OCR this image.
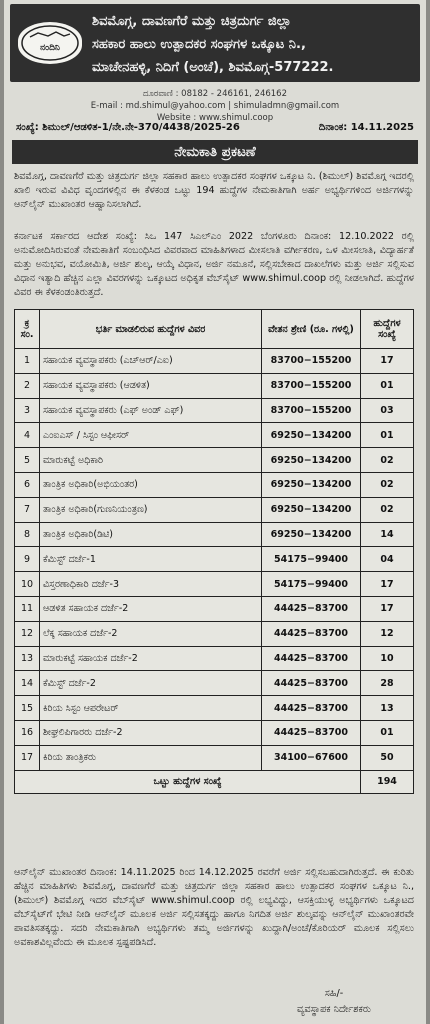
ನಂದಿನಿ
ಶಿವಮೊಗ್ಗ, ದಾವಣಗೆರೆ ಮತ್ತು ಚಿತ್ರದುರ್ಗ ಜಿಲ್ಲಾ
ಸಹಕಾರ ಹಾಲು ಉತ್ಪಾದಕರ ಸಂಘಗಳ ಒಕ್ಕೂಟ ನಿ.,
ಮಾಚೇನಹಳ್ಳಿ, ನಿದಿಗೆ (ಅಂಚೆ), ಶಿವಮೊಗ್ಗ-577222.
ದೂರವಾಣಿ : 08182 - 246161, 246162
E-mail : md.shimul@yahoo.com | shimuladmn@gmail.com
Website : www.shimul.coop
ಸಂಖ್ಯೆ: ಶಿಮುಲ್/ಆಡಳಿತ-1/ನೇ.ನೇ-370/4438/2025-26	ದಿನಾಂಕ: 14.11.2025
ನೇಮಕಾತಿ ಪ್ರಕಟಣೆ
ಶಿವಮೊಗ್ಗ, ದಾವಣಗೆರೆ ಮತ್ತು ಚಿತ್ರದುರ್ಗ ಜಿಲ್ಲಾ ಸಹಕಾರ ಹಾಲು ಉತ್ಪಾದಕರ ಸಂಘಗಳ ಒಕ್ಕೂಟ ನಿ. (ಶಿಮುಲ್) ಶಿವಮೊಗ್ಗ ಇದರಲ್ಲಿ ಖಾಲಿ ಇರುವ ವಿವಿಧ ವೃಂದಗಳಲ್ಲಿನ ಈ ಕೆಳಕಂಡ ಒಟ್ಟು 194 ಹುದ್ದೆಗಳ ನೇಮಕಾತಿಗಾಗಿ ಅರ್ಹ ಅಭ್ಯರ್ಥಿಗಳಿಂದ ಅರ್ಜಿಗಳನ್ನು ಆನ್‌ಲೈನ್ ಮುಖಾಂತರ ಆಹ್ವಾನಿಸಲಾಗಿದೆ.
ಕರ್ನಾಟಕ ಸರ್ಕಾರದ ಆದೇಶ ಸಂಖ್ಯೆ: ಸಿಒ 147 ಸಿಎಲ್‌ಎಂ 2022 ಬೆಂಗಳೂರು ದಿನಾಂಕ: 12.10.2022 ರಲ್ಲಿ ಅನುಮೋದಿಸಿರುವಂತೆ ನೇಮಕಾತಿಗೆ ಸಂಬಂಧಿಸಿದ ವಿವರವಾದ ಮಾಹಿತಿಗಳಾದ ಮೀಸಲಾತಿ ವರ್ಗೀಕರಣ, ಒಳ ಮೀಸಲಾತಿ, ವಿದ್ಯಾರ್ಹತೆ ಮತ್ತು ಅನುಭವ, ವಯೋಮಿತಿ, ಅರ್ಜಿ ಶುಲ್ಕ, ಆಯ್ಕೆ ವಿಧಾನ, ಅರ್ಜಿ ನಮೂನೆ, ಸಲ್ಲಿಸಬೇಕಾದ ದಾಖಲೆಗಳು ಮತ್ತು ಅರ್ಜಿ ಸಲ್ಲಿಸುವ ವಿಧಾನ ಇತ್ಯಾದಿ ಹೆಚ್ಚಿನ ಎಲ್ಲಾ ವಿವರಗಳನ್ನು ಒಕ್ಕೂಟದ ಅಧಿಕೃತ ವೆಬ್‌ಸೈಟ್ www.shimul.coop ರಲ್ಲಿ ನೀಡಲಾಗಿದೆ. ಹುದ್ದೆಗಳ ವಿವರ ಈ ಕೆಳಕಂಡಂತಿರುತ್ತದೆ.
ಕ್ರ ಸಂ.	ಭರ್ತಿ ಮಾಡಲಿರುವ ಹುದ್ದೆಗಳ ವಿವರ	ವೇತನ ಶ್ರೇಣಿ (ರೂ. ಗಳಲ್ಲಿ)	ಹುದ್ದೆಗಳ ಸಂಖ್ಯೆ
1	ಸಹಾಯಕ ವ್ಯವಸ್ಥಾಪಕರು (ಎಚ್‌ಆರ್/ಎಐ)	83700−155200	17
2	ಸಹಾಯಕ ವ್ಯವಸ್ಥಾಪಕರು (ಆಡಳಿತ)	83700−155200	01
3	ಸಹಾಯಕ ವ್ಯವಸ್ಥಾಪಕರು (ಎಫ್ ಅಂಡ್ ಎಫ್)	83700−155200	03
4	ಎಂಐಎಸ್ / ಸಿಸ್ಟಂ ಆಫೀಸರ್	69250−134200	01
5	ಮಾರುಕಟ್ಟೆ ಅಧಿಕಾರಿ	69250−134200	02
6	ತಾಂತ್ರಿಕ ಅಧಿಕಾರಿ(ಅಭಿಯಂತರ)	69250−134200	02
7	ತಾಂತ್ರಿಕ ಅಧಿಕಾರಿ(ಗುಣನಿಯಂತ್ರಣ)	69250−134200	02
8	ತಾಂತ್ರಿಕ ಅಧಿಕಾರಿ(ಡಿಟಿ)	69250−134200	14
9	ಕೆಮಿಸ್ಟ್ ದರ್ಜೆ-1	54175−99400	04
10	ವಿಸ್ತರಣಾಧಿಕಾರಿ ದರ್ಜೆ-3	54175−99400	17
11	ಆಡಳಿತ ಸಹಾಯಕ ದರ್ಜೆ-2	44425−83700	17
12	ಲೆಕ್ಕ ಸಹಾಯಕ ದರ್ಜೆ-2	44425−83700	12
13	ಮಾರುಕಟ್ಟೆ ಸಹಾಯಕ ದರ್ಜೆ-2	44425−83700	10
14	ಕೆಮಿಸ್ಟ್ ದರ್ಜೆ-2	44425−83700	28
15	ಕಿರಿಯ ಸಿಸ್ಟಂ ಆಪರೇಟರ್	44425−83700	13
16	ಶೀಘ್ರಲಿಪಿಗಾರರು ದರ್ಜೆ-2	44425−83700	01
17	ಕಿರಿಯ ತಾಂತ್ರಿಕರು	34100−67600	50
ಒಟ್ಟು ಹುದ್ದೆಗಳ ಸಂಖ್ಯೆ			194
ಆನ್‌ಲೈನ್ ಮುಖಾಂತರ ದಿನಾಂಕ: 14.11.2025 ರಿಂದ 14.12.2025 ರವರೆಗೆ ಅರ್ಜಿ ಸಲ್ಲಿಸಬಹುದಾಗಿರುತ್ತದೆ. ಈ ಕುರಿತು ಹೆಚ್ಚಿನ ಮಾಹಿತಿಗಳು ಶಿವಮೊಗ್ಗ, ದಾವಣಗೆರೆ ಮತ್ತು ಚಿತ್ರದುರ್ಗ ಜಿಲ್ಲಾ ಸಹಕಾರ ಹಾಲು ಉತ್ಪಾದಕರ ಸಂಘಗಳ ಒಕ್ಕೂಟ ನಿ., (ಶಿಮುಲ್) ಶಿವಮೊಗ್ಗ ಇದರ ವೆಬ್‌ಸೈಟ್ www.shimul.coop ರಲ್ಲಿ ಲಭ್ಯವಿದ್ದು, ಆಸಕ್ತಿಯುಳ್ಳ ಅಭ್ಯರ್ಥಿಗಳು ಒಕ್ಕೂಟದ ವೆಬ್‌ಸೈಟ್‌ಗೆ ಭೇಟಿ ನೀಡಿ ಆನ್‌ಲೈನ್ ಮೂಲಕ ಅರ್ಜಿ ಸಲ್ಲಿಸತಕ್ಕದ್ದು ಹಾಗೂ ನಿಗದಿತ ಅರ್ಜಿ ಶುಲ್ಕವನ್ನು ಆನ್‌ಲೈನ್ ಮುಖಾಂತರವೇ ಪಾವತಿಸತಕ್ಕದ್ದು. ಸದರಿ ನೇಮಕಾತಿಗಾಗಿ ಅಭ್ಯರ್ಥಿಗಳು ತಮ್ಮ ಅರ್ಜಿಗಳನ್ನು ಖುದ್ದಾಗಿ/ಅಂಚೆ/ಕೊರಿಯರ್ ಮೂಲಕ ಸಲ್ಲಿಸಲು ಅವಕಾಶವಿಲ್ಲವೆಂದು ಈ ಮೂಲಕ ಸ್ಪಷ್ಟಪಡಿಸಿದೆ.
ಸಹಿ/-
ವ್ಯವಸ್ಥಾಪಕ ನಿರ್ದೇಶಕರು
